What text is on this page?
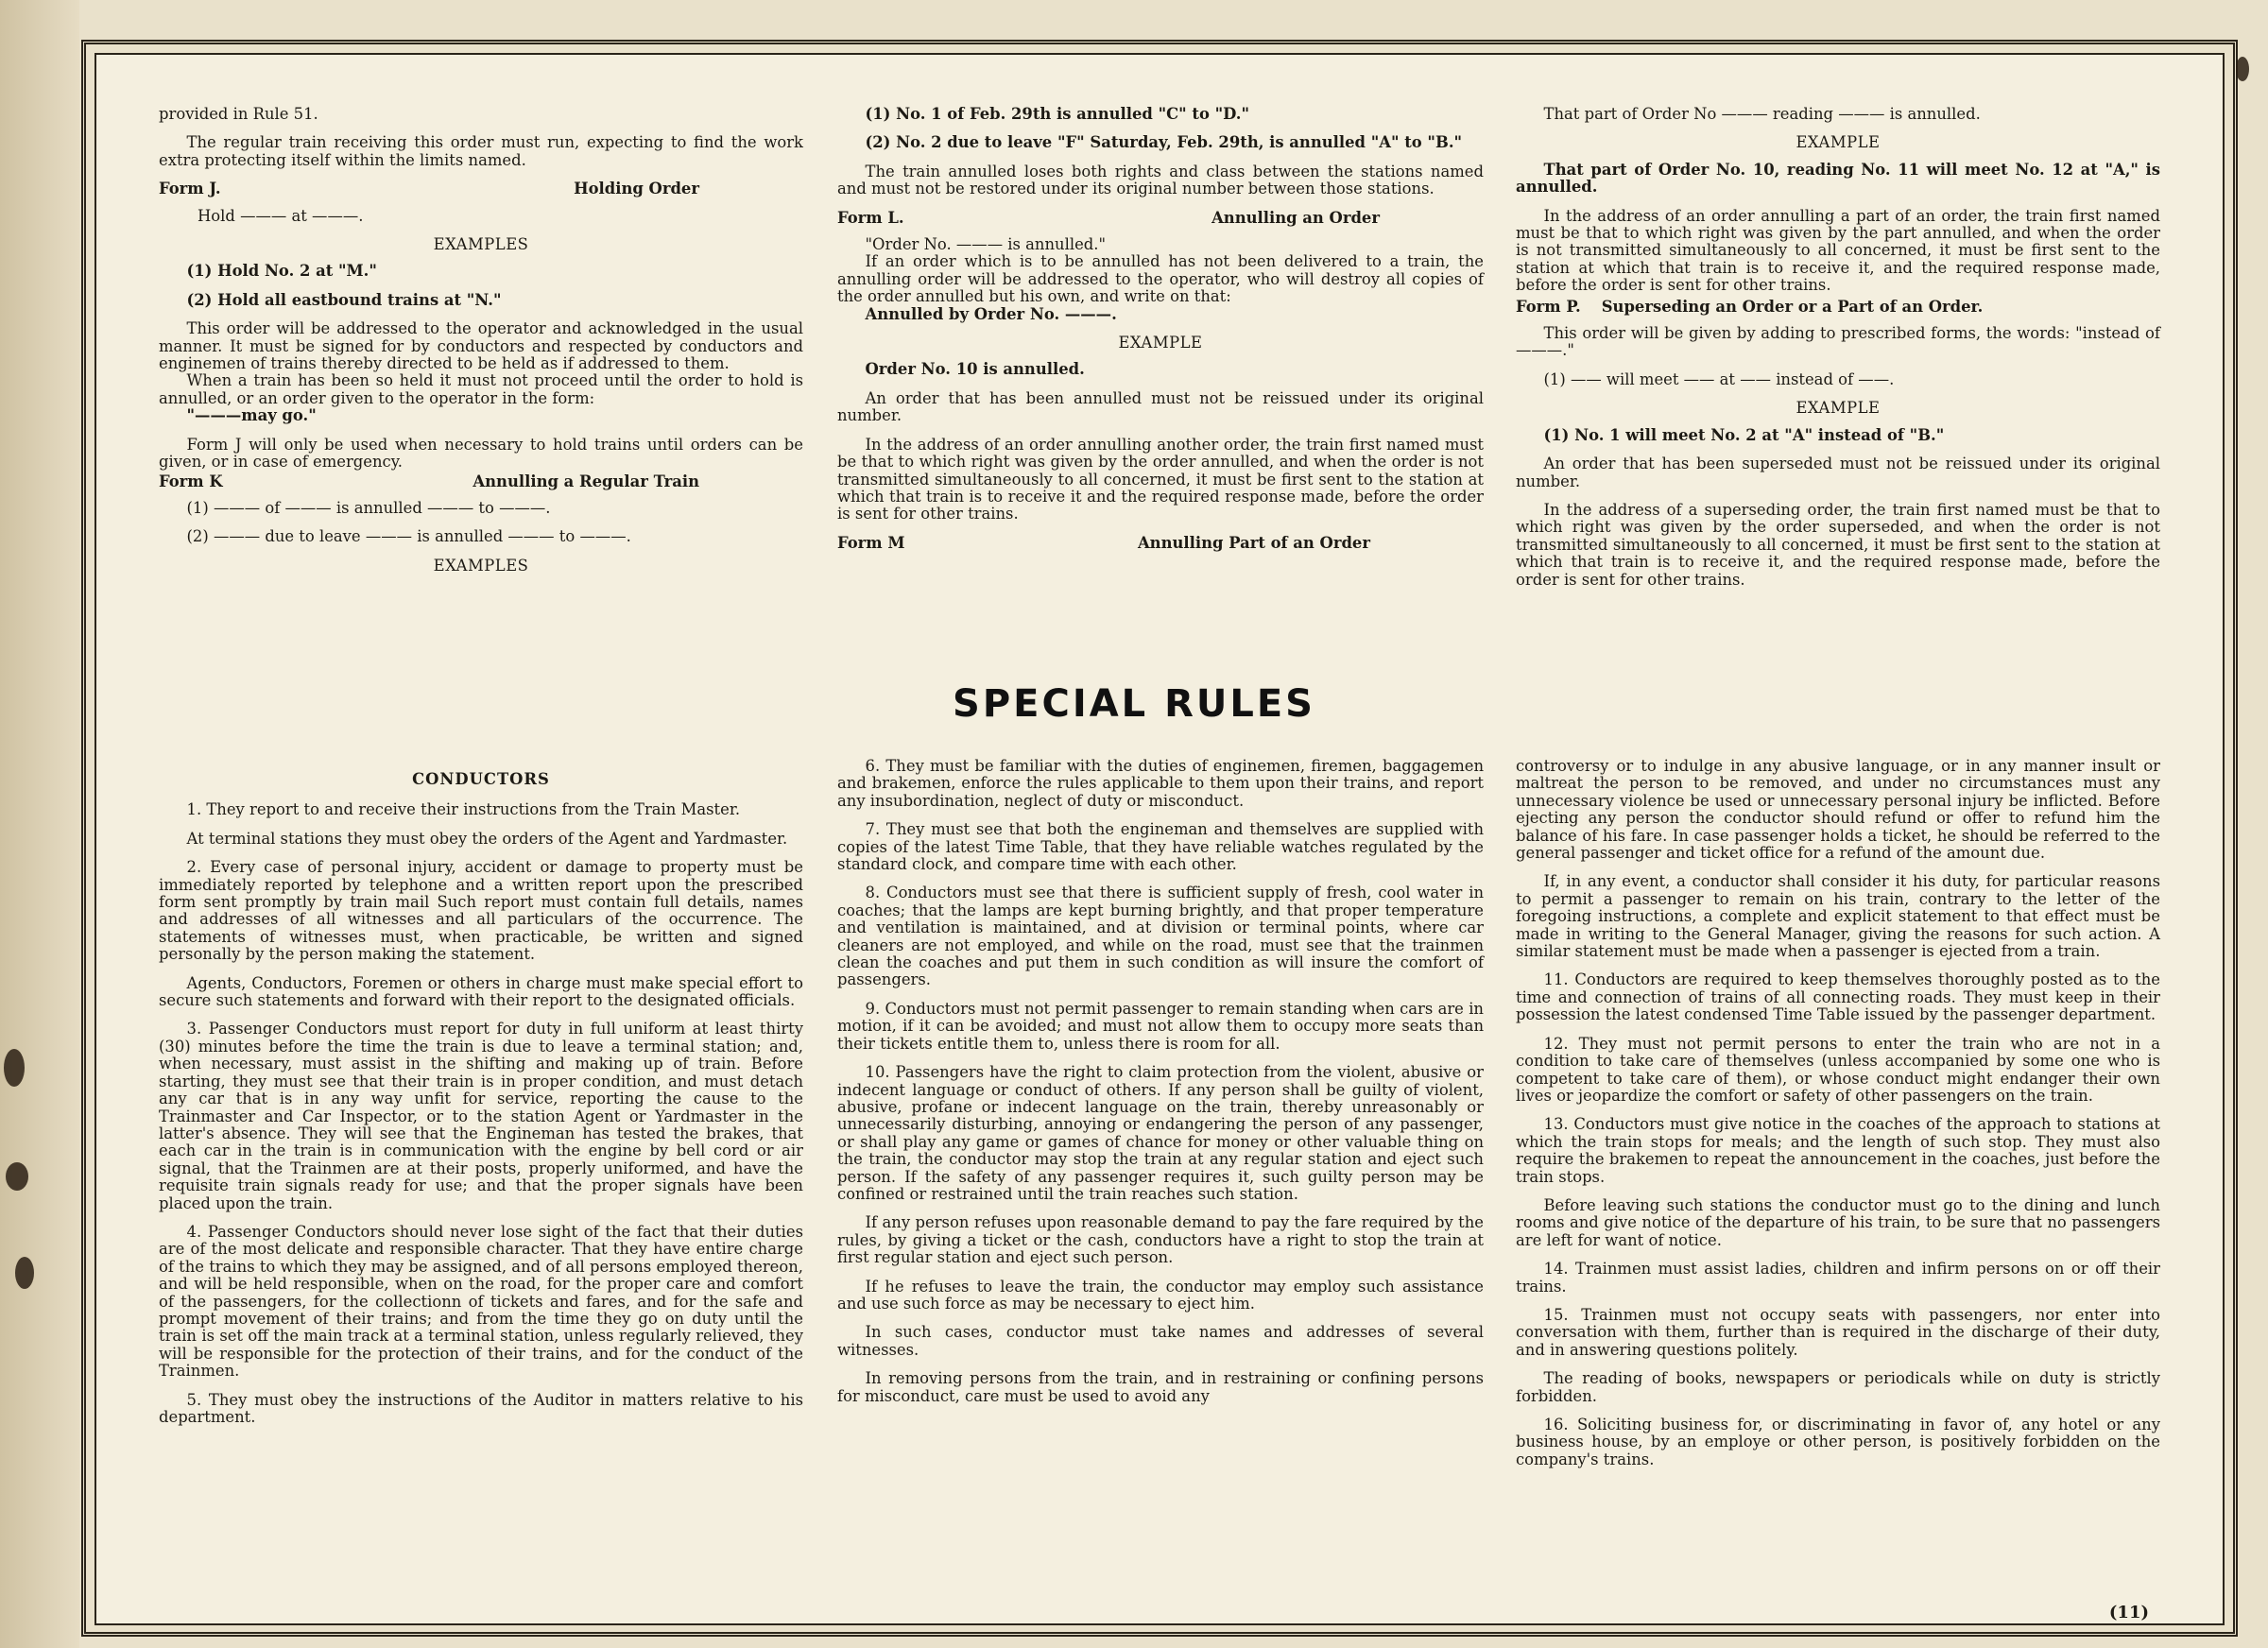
provided in Rule 51.

The regular train receiving this order must run, expecting to find the work extra protecting itself within the limits named.

Form J.	Holding Order

Hold ——— at ———.

EXAMPLES

(1) Hold No. 2 at "M."

(2) Hold all eastbound trains at "N."

This order will be addressed to the operator and acknowledged in the usual manner. It must be signed for by conductors and respected by conductors and enginemen of trains thereby directed to be held as if addressed to them.

When a train has been so held it must not proceed until the order to hold is annulled, or an order given to the operator in the form:

"———may go."

Form J will only be used when necessary to hold trains until orders can be given, or in case of emergency.

Form K	Annulling a Regular Train

(1) ——— of ——— is annulled ——— to ———.

(2) ——— due to leave ——— is annulled ——— to ———.

EXAMPLES

(1) No. 1 of Feb. 29th is annulled "C" to "D."

(2) No. 2 due to leave "F" Saturday, Feb. 29th, is annulled "A" to "B."

The train annulled loses both rights and class between the stations named and must not be restored under its original number between those stations.

Form L.	Annulling an Order

"Order No. ——— is annulled."

If an order which is to be annulled has not been delivered to a train, the annulling order will be addressed to the operator, who will destroy all copies of the order annulled but his own, and write on that:

Annulled by Order No. ———.

EXAMPLE

Order No. 10 is annulled.

An order that has been annulled must not be reissued under its original number.

In the address of an order annulling another order, the train first named must be that to which right was given by the order annulled, and when the order is not transmitted simultaneously to all concerned, it must be first sent to the station at which that train is to receive it and the required response made, before the order is sent for other trains.

Form M	Annulling Part of an Order

That part of Order No ——— reading ——— is annulled.

EXAMPLE

That part of Order No. 10, reading No. 11 will meet No. 12 at "A," is annulled.

In the address of an order annulling a part of an order, the train first named must be that to which right was given by the part annulled, and when the order is not transmitted simultaneously to all concerned, it must be first sent to the station at which that train is to receive it, and the required response made, before the order is sent for other trains.

Form P. Superseding an Order or a Part of an Order.

This order will be given by adding to prescribed forms, the words: "instead of ———."

(1) —— will meet —— at —— instead of ——.

EXAMPLE

(1) No. 1 will meet No. 2 at "A" instead of "B."

An order that has been superseded must not be reissued under its original number.

In the address of a superseding order, the train first named must be that to which right was given by the order superseded, and when the order is not transmitted simultaneously to all concerned, it must be first sent to the station at which that train is to receive it, and the required response made, before the order is sent for other trains.

SPECIAL RULES

CONDUCTORS

1. They report to and receive their instructions from the Train Master.

At terminal stations they must obey the orders of the Agent and Yardmaster.

2. Every case of personal injury, accident or damage to property must be immediately reported by telephone and a written report upon the prescribed form sent promptly by train mail Such report must contain full details, names and addresses of all witnesses and all particulars of the occurrence. The statements of witnesses must, when practicable, be written and signed personally by the person making the statement.

Agents, Conductors, Foremen or others in charge must make special effort to secure such statements and forward with their report to the designated officials.

3. Passenger Conductors must report for duty in full uniform at least thirty (30) minutes before the time the train is due to leave a terminal station; and, when necessary, must assist in the shifting and making up of train. Before starting, they must see that their train is in proper condition, and must detach any car that is in any way unfit for service, reporting the cause to the Trainmaster and Car Inspector, or to the station Agent or Yardmaster in the latter's absence. They will see that the Engineman has tested the brakes, that each car in the train is in communication with the engine by bell cord or air signal, that the Trainmen are at their posts, properly uniformed, and have the requisite train signals ready for use; and that the proper signals have been placed upon the train.

4. Passenger Conductors should never lose sight of the fact that their duties are of the most delicate and responsible character. That they have entire charge of the trains to which they may be assigned, and of all persons employed thereon, and will be held responsible, when on the road, for the proper care and comfort of the passengers, for the collectionn of tickets and fares, and for the safe and prompt movement of their trains; and from the time they go on duty until the train is set off the main track at a terminal station, unless regularly relieved, they will be responsible for the protection of their trains, and for the conduct of the Trainmen.

5. They must obey the instructions of the Auditor in matters relative to his department.

6. They must be familiar with the duties of enginemen, firemen, baggagemen and brakemen, enforce the rules applicable to them upon their trains, and report any insubordination, neglect of duty or misconduct.

7. They must see that both the engineman and themselves are supplied with copies of the latest Time Table, that they have reliable watches regulated by the standard clock, and compare time with each other.

8. Conductors must see that there is sufficient supply of fresh, cool water in coaches; that the lamps are kept burning brightly, and that proper temperature and ventilation is maintained, and at division or terminal points, where car cleaners are not employed, and while on the road, must see that the trainmen clean the coaches and put them in such condition as will insure the comfort of passengers.

9. Conductors must not permit passenger to remain standing when cars are in motion, if it can be avoided; and must not allow them to occupy more seats than their tickets entitle them to, unless there is room for all.

10. Passengers have the right to claim protection from the violent, abusive or indecent language or conduct of others. If any person shall be guilty of violent, abusive, profane or indecent language on the train, thereby unreasonably or unnecessarily disturbing, annoying or endangering the person of any passenger, or shall play any game or games of chance for money or other valuable thing on the train, the conductor may stop the train at any regular station and eject such person. If the safety of any passenger requires it, such guilty person may be confined or restrained until the train reaches such station.

If any person refuses upon reasonable demand to pay the fare required by the rules, by giving a ticket or the cash, conductors have a right to stop the train at first regular station and eject such person.

If he refuses to leave the train, the conductor may employ such assistance and use such force as may be necessary to eject him.

In such cases, conductor must take names and addresses of several witnesses.

In removing persons from the train, and in restraining or confining persons for misconduct, care must be used to avoid any

controversy or to indulge in any abusive language, or in any manner insult or maltreat the person to be removed, and under no circumstances must any unnecessary violence be used or unnecessary personal injury be inflicted. Before ejecting any person the conductor should refund or offer to refund him the balance of his fare. In case passenger holds a ticket, he should be referred to the general passenger and ticket office for a refund of the amount due.

If, in any event, a conductor shall consider it his duty, for particular reasons to permit a passenger to remain on his train, contrary to the letter of the foregoing instructions, a complete and explicit statement to that effect must be made in writing to the General Manager, giving the reasons for such action. A similar statement must be made when a passenger is ejected from a train.

11. Conductors are required to keep themselves thoroughly posted as to the time and connection of trains of all connecting roads. They must keep in their possession the latest condensed Time Table issued by the passenger department.

12. They must not permit persons to enter the train who are not in a condition to take care of themselves (unless accompanied by some one who is competent to take care of them), or whose conduct might endanger their own lives or jeopardize the comfort or safety of other passengers on the train.

13. Conductors must give notice in the coaches of the approach to stations at which the train stops for meals; and the length of such stop. They must also require the brakemen to repeat the announcement in the coaches, just before the train stops.

Before leaving such stations the conductor must go to the dining and lunch rooms and give notice of the departure of his train, to be sure that no passengers are left for want of notice.

14. Trainmen must assist ladies, children and infirm persons on or off their trains.

15. Trainmen must not occupy seats with passengers, nor enter into conversation with them, further than is required in the discharge of their duty, and in answering questions politely.

The reading of books, newspapers or periodicals while on duty is strictly forbidden.

16. Soliciting business for, or discriminating in favor of, any hotel or any business house, by an employe or other person, is positively forbidden on the company's trains.

(11)
